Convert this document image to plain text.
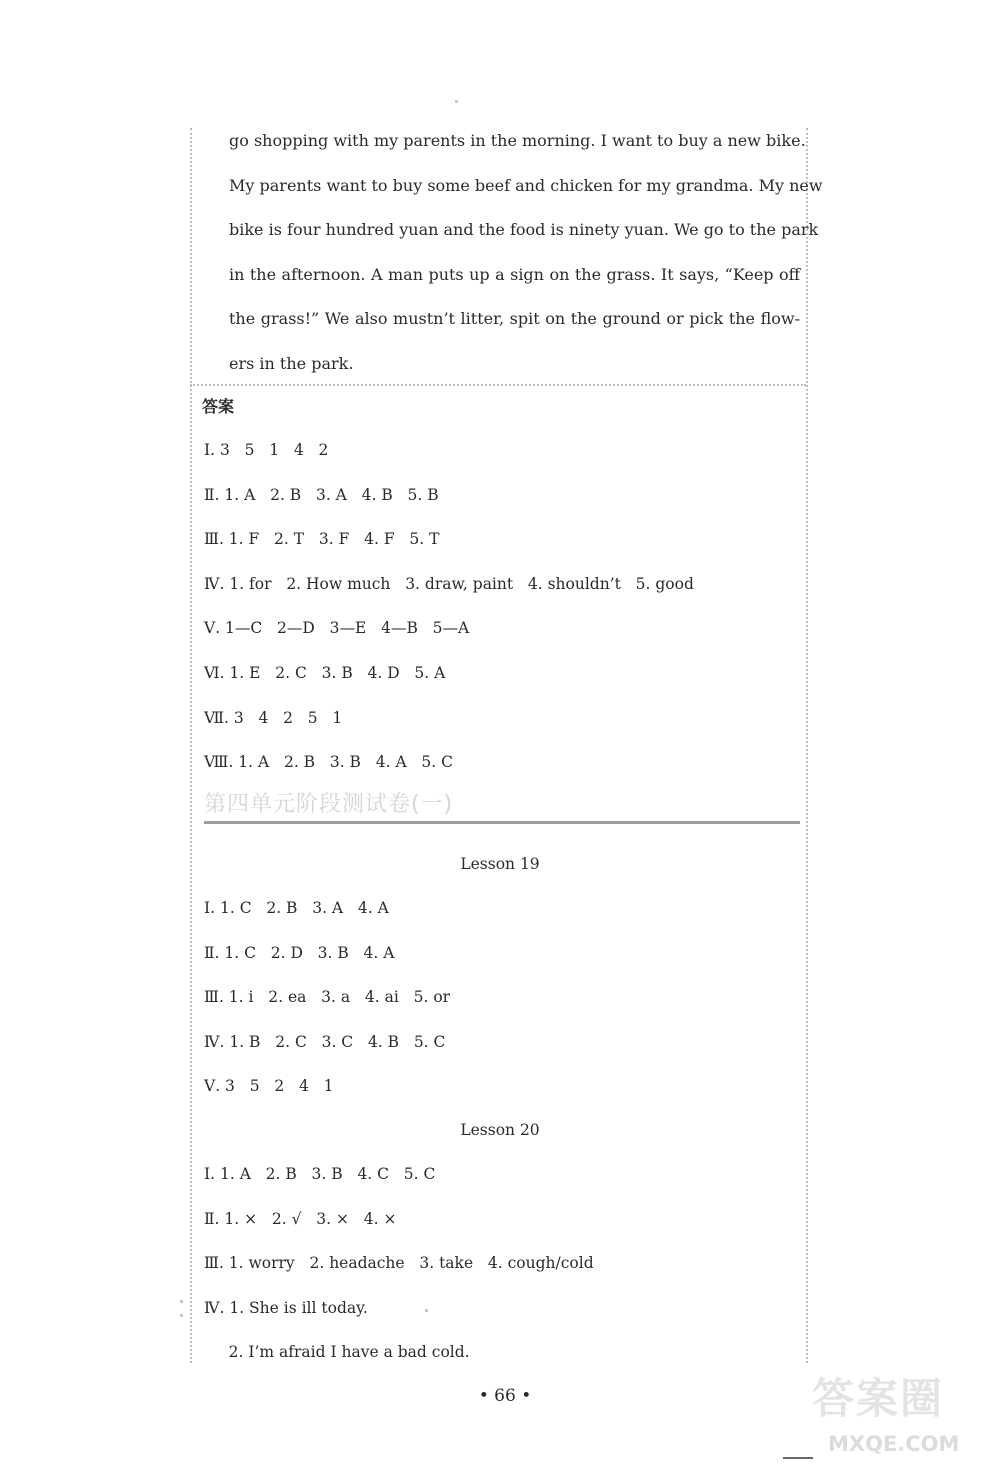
go shopping with my parents in the morning. I want to buy a new bike.
My parents want to buy some beef and chicken for my grandma. My new
bike is four hundred yuan and the food is ninety yuan. We go to the park
in the afternoon. A man puts up a sign on the grass. It says, “Keep off
the grass!” We also mustn’t litter, spit on the ground or pick the flow-
ers in the park.
答案
Ⅰ. 3   5   1   4   2
Ⅱ. 1. A   2. B   3. A   4. B   5. B
Ⅲ. 1. F   2. T   3. F   4. F   5. T
Ⅳ. 1. for   2. How much   3. draw, paint   4. shouldn’t   5. good
Ⅴ. 1—C   2—D   3—E   4—B   5—A
Ⅵ. 1. E   2. C   3. B   4. D   5. A
Ⅶ. 3   4   2   5   1
Ⅷ. 1. A   2. B   3. B   4. A   5. C
第四单元阶段测试卷(一)
Lesson 19
Ⅰ. 1. C   2. B   3. A   4. A
Ⅱ. 1. C   2. D   3. B   4. A
Ⅲ. 1. i   2. ea   3. a   4. ai   5. or
Ⅳ. 1. B   2. C   3. C   4. B   5. C
Ⅴ. 3   5   2   4   1
Lesson 20
Ⅰ. 1. A   2. B   3. B   4. C   5. C
Ⅱ. 1. ×   2. √   3. ×   4. ×
Ⅲ. 1. worry   2. headache   3. take   4. cough/cold
Ⅳ. 1. She is ill today.
2. I’m afraid I have a bad cold.
• 66 •	答案圈
MXQE.COM
